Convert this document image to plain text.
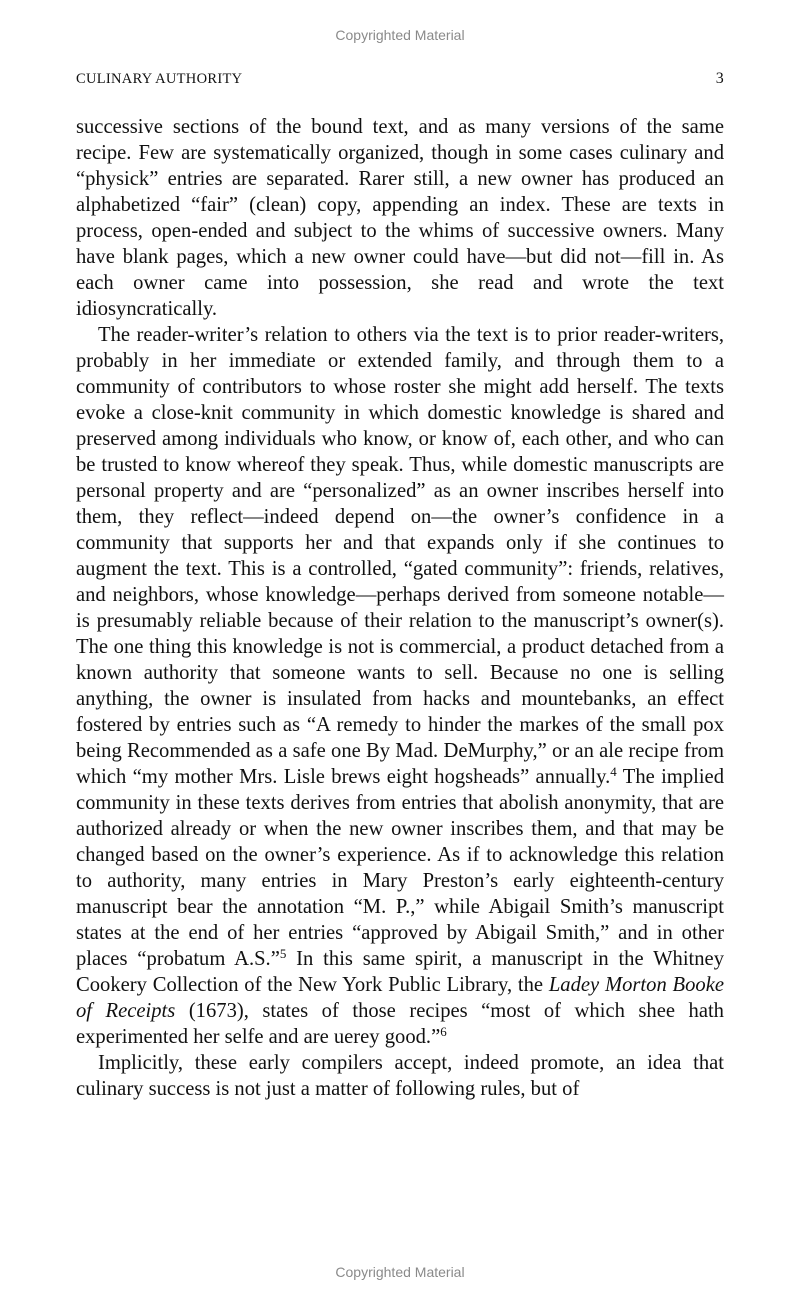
Copyrighted Material
CULINARY AUTHORITY	3

successive sections of the bound text, and as many versions of the same recipe. Few are systematically organized, though in some cases culinary and “physick” entries are separated. Rarer still, a new owner has produced an alphabetized “fair” (clean) copy, appending an index. These are texts in process, open-ended and subject to the whims of successive owners. Many have blank pages, which a new owner could have—but did not—fill in. As each owner came into possession, she read and wrote the text idiosyncratically.

The reader-writer’s relation to others via the text is to prior reader-writers, probably in her immediate or extended family, and through them to a community of contributors to whose roster she might add herself. The texts evoke a close-knit community in which domestic knowledge is shared and preserved among individuals who know, or know of, each other, and who can be trusted to know whereof they speak. Thus, while domestic manuscripts are personal property and are “personalized” as an owner inscribes herself into them, they reflect—indeed depend on—the owner’s confidence in a community that supports her and that expands only if she continues to augment the text. This is a controlled, “gated community”: friends, relatives, and neighbors, whose knowledge—perhaps derived from someone notable—is presumably reliable because of their relation to the manuscript’s owner(s). The one thing this knowledge is not is commercial, a product detached from a known authority that someone wants to sell. Because no one is selling anything, the owner is insulated from hacks and mountebanks, an effect fostered by entries such as “A remedy to hinder the markes of the small pox being Recommended as a safe one By Mad. DeMurphy,” or an ale recipe from which “my mother Mrs. Lisle brews eight hogsheads” annually.$^4$ The implied community in these texts derives from entries that abolish anonymity, that are authorized already or when the new owner inscribes them, and that may be changed based on the owner’s experience. As if to acknowledge this relation to authority, many entries in Mary Preston’s early eighteenth-century manuscript bear the annotation “M. P.,” while Abigail Smith’s manuscript states at the end of her entries “approved by Abigail Smith,” and in other places “probatum A.S.”$^5$ In this same spirit, a manuscript in the Whitney Cookery Collection of the New York Public Library, the Ladey Morton Booke of Receipts (1673), states of those recipes “most of which shee hath experimented her selfe and are uerey good.”$^6$

Implicitly, these early compilers accept, indeed promote, an idea that culinary success is not just a matter of following rules, but of

Copyrighted Material
